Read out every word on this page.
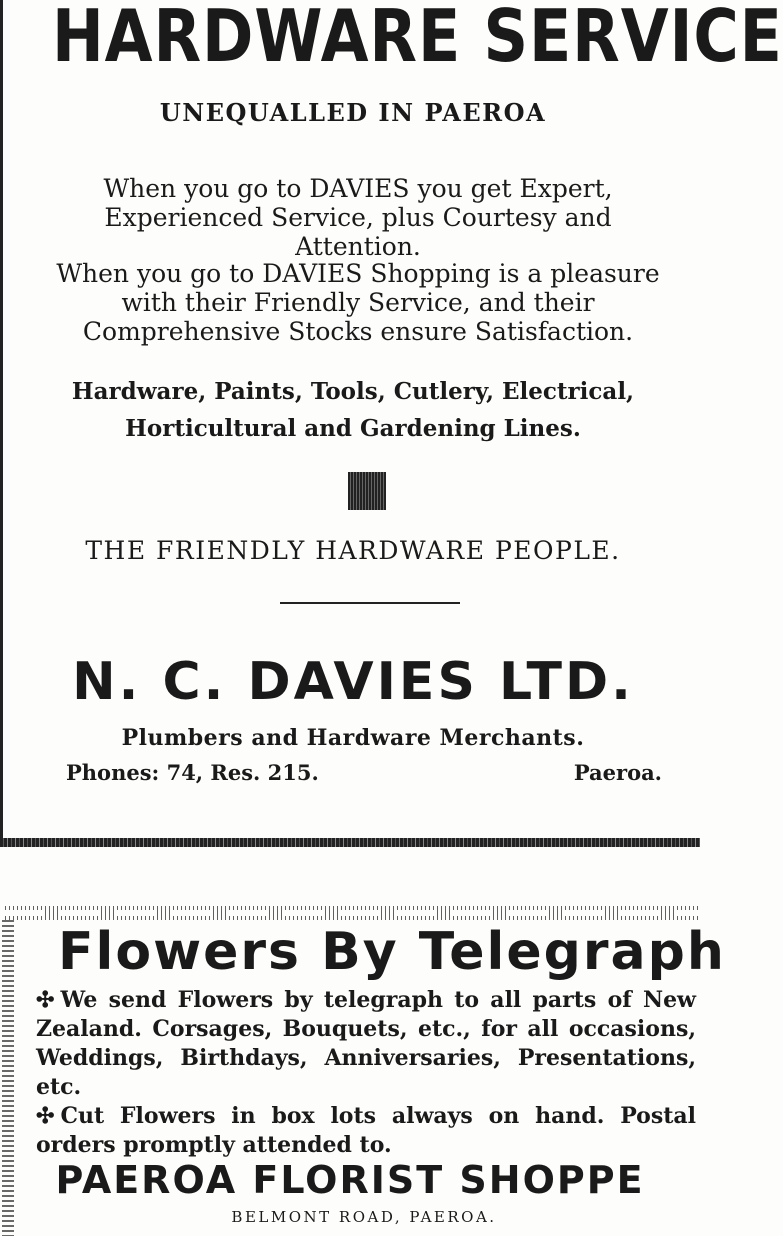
HARDWARE SERVICE
UNEQUALLED IN PAEROA
When you go to DAVIES you get Expert, Experienced Service, plus Courtesy and Attention.
When you go to DAVIES Shopping is a pleasure with their Friendly Service, and their Comprehensive Stocks ensure Satisfaction.
Hardware, Paints, Tools, Cutlery, Electrical,
Horticultural and Gardening Lines.
THE FRIENDLY HARDWARE PEOPLE.
N. C. DAVIES LTD.
Plumbers and Hardware Merchants.
Phones: 74, Res. 215.	Paeroa.
Flowers By Telegraph
✣ We send Flowers by telegraph to all parts of New Zealand. Corsages, Bouquets, etc., for all occasions, Weddings, Birthdays, Anniversaries, Presentations, etc.
✣ Cut Flowers in box lots always on hand. Postal orders promptly attended to.
PAEROA FLORIST SHOPPE
BELMONT ROAD, PAEROA.
